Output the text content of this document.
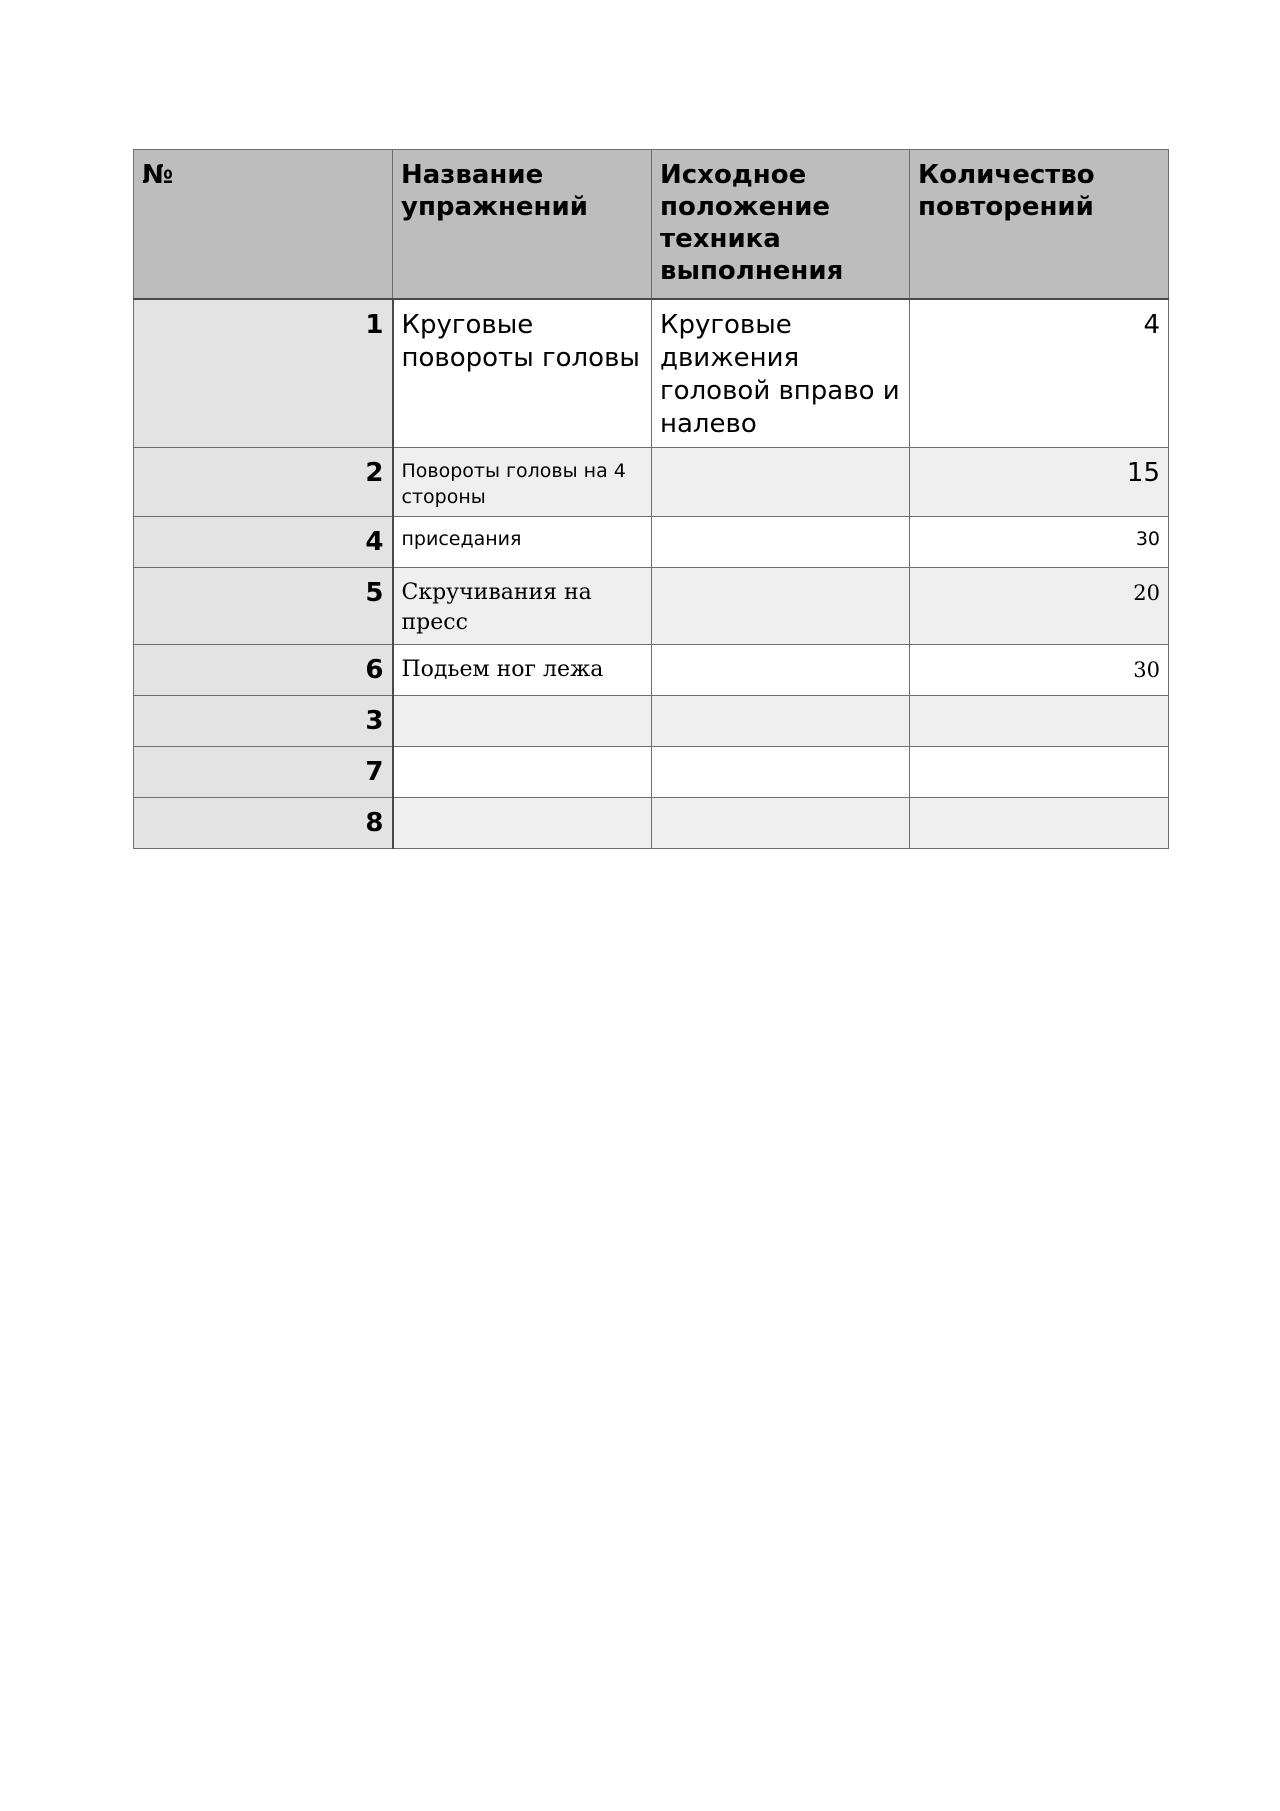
№	Название упражнений	Исходное положение техника выполнения	Количество повторений
1	Круговые повороты головы	Круговые движения головой вправо и налево	4
2	Повороты головы на 4 стороны		15
4	приседания		30
5	Скручивания на пресс		20
6	Подьем ног лежа		30
3			
7			
8			
